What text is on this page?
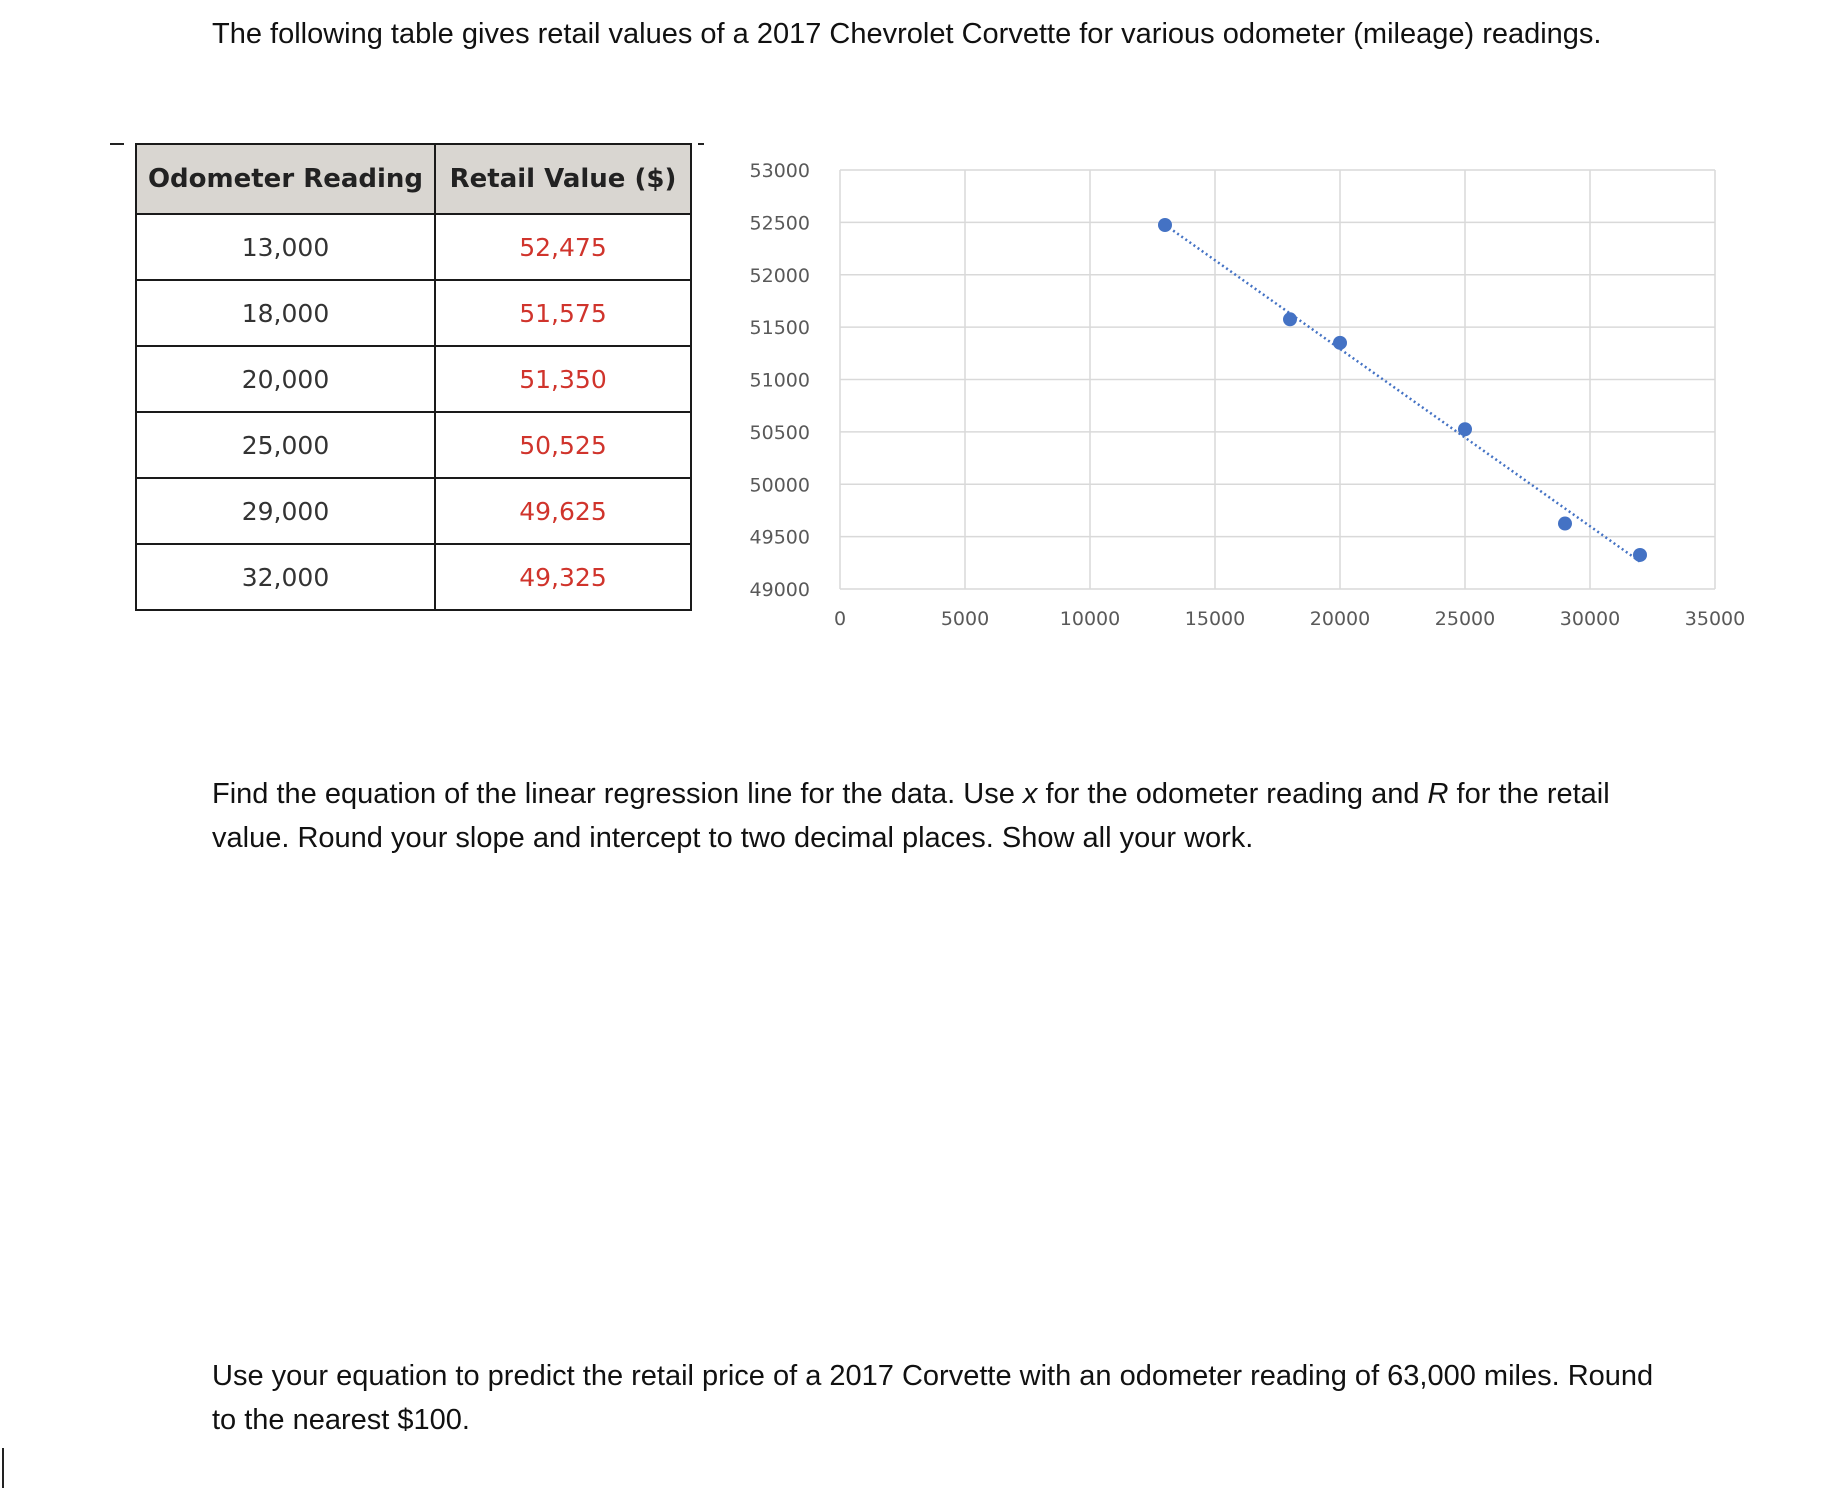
The following table gives retail values of a 2017 Chevrolet Corvette for various odometer (mileage) readings.

Odometer Reading	Retail Value ($)
13,000	52,475
18,000	51,575
20,000	51,350
25,000	50,525
29,000	49,625
32,000	49,325
53000
52500
52000
51500
51000
50500
50000
49500
49000
0	5000	10000	15000	20000	25000	30000	35000

Find the equation of the linear regression line for the data. Use x for the odometer reading and R for the retail value. Round your slope and intercept to two decimal places. Show all your work.

Use your equation to predict the retail price of a 2017 Corvette with an odometer reading of 63,000 miles. Round to the nearest $100.
